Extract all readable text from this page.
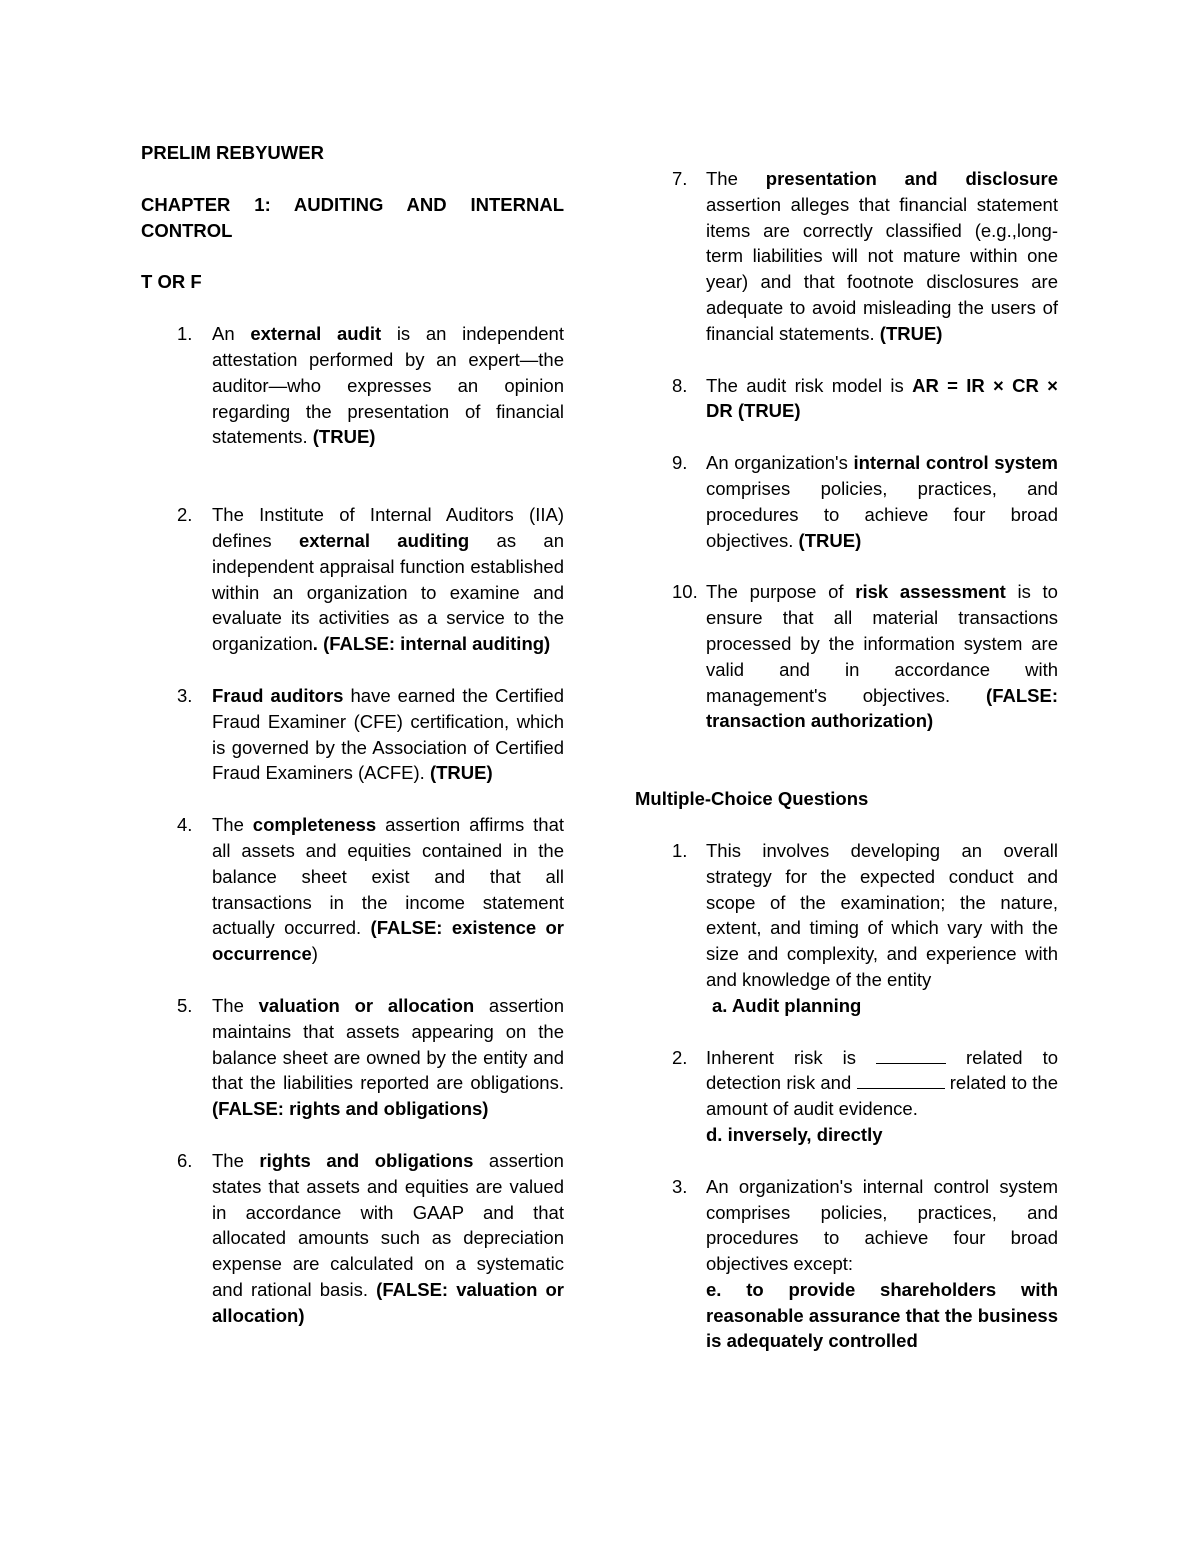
PRELIM REBYUWER

CHAPTER 1: AUDITING AND INTERNAL CONTROL

T OR F

1. An external audit is an independent attestation performed by an expert—the auditor—who expresses an opinion regarding the presentation of financial statements. (TRUE)
2. The Institute of Internal Auditors (IIA) defines external auditing as an independent appraisal function established within an organization to examine and evaluate its activities as a service to the organization. (FALSE: internal auditing)
3. Fraud auditors have earned the Certified Fraud Examiner (CFE) certification, which is governed by the Association of Certified Fraud Examiners (ACFE). (TRUE)
4. The completeness assertion affirms that all assets and equities contained in the balance sheet exist and that all transactions in the income statement actually occurred. (FALSE: existence or occurrence)
5. The valuation or allocation assertion maintains that assets appearing on the balance sheet are owned by the entity and that the liabilities reported are obligations. (FALSE: rights and obligations)
6. The rights and obligations assertion states that assets and equities are valued in accordance with GAAP and that allocated amounts such as depreciation expense are calculated on a systematic and rational basis. (FALSE: valuation or allocation)
7. The presentation and disclosure assertion alleges that financial statement items are correctly classified (e.g.,long-term liabilities will not mature within one year) and that footnote disclosures are adequate to avoid misleading the users of financial statements. (TRUE)
8. The audit risk model is AR = IR × CR × DR (TRUE)
9. An organization's internal control system comprises policies, practices, and procedures to achieve four broad objectives. (TRUE)
10. The purpose of risk assessment is to ensure that all material transactions processed by the information system are valid and in accordance with management's objectives. (FALSE: transaction authorization)

Multiple-Choice Questions

1. This involves developing an overall strategy for the expected conduct and scope of the examination; the nature, extent, and timing of which vary with the size and complexity, and experience with and knowledge of the entity
a. Audit planning
2. Inherent risk is	related to detection risk and	related to the amount of audit evidence.
d. inversely, directly
3. An organization's internal control system comprises policies, practices, and procedures to achieve four broad objectives except:
e. to provide shareholders with reasonable assurance that the business is adequately controlled
